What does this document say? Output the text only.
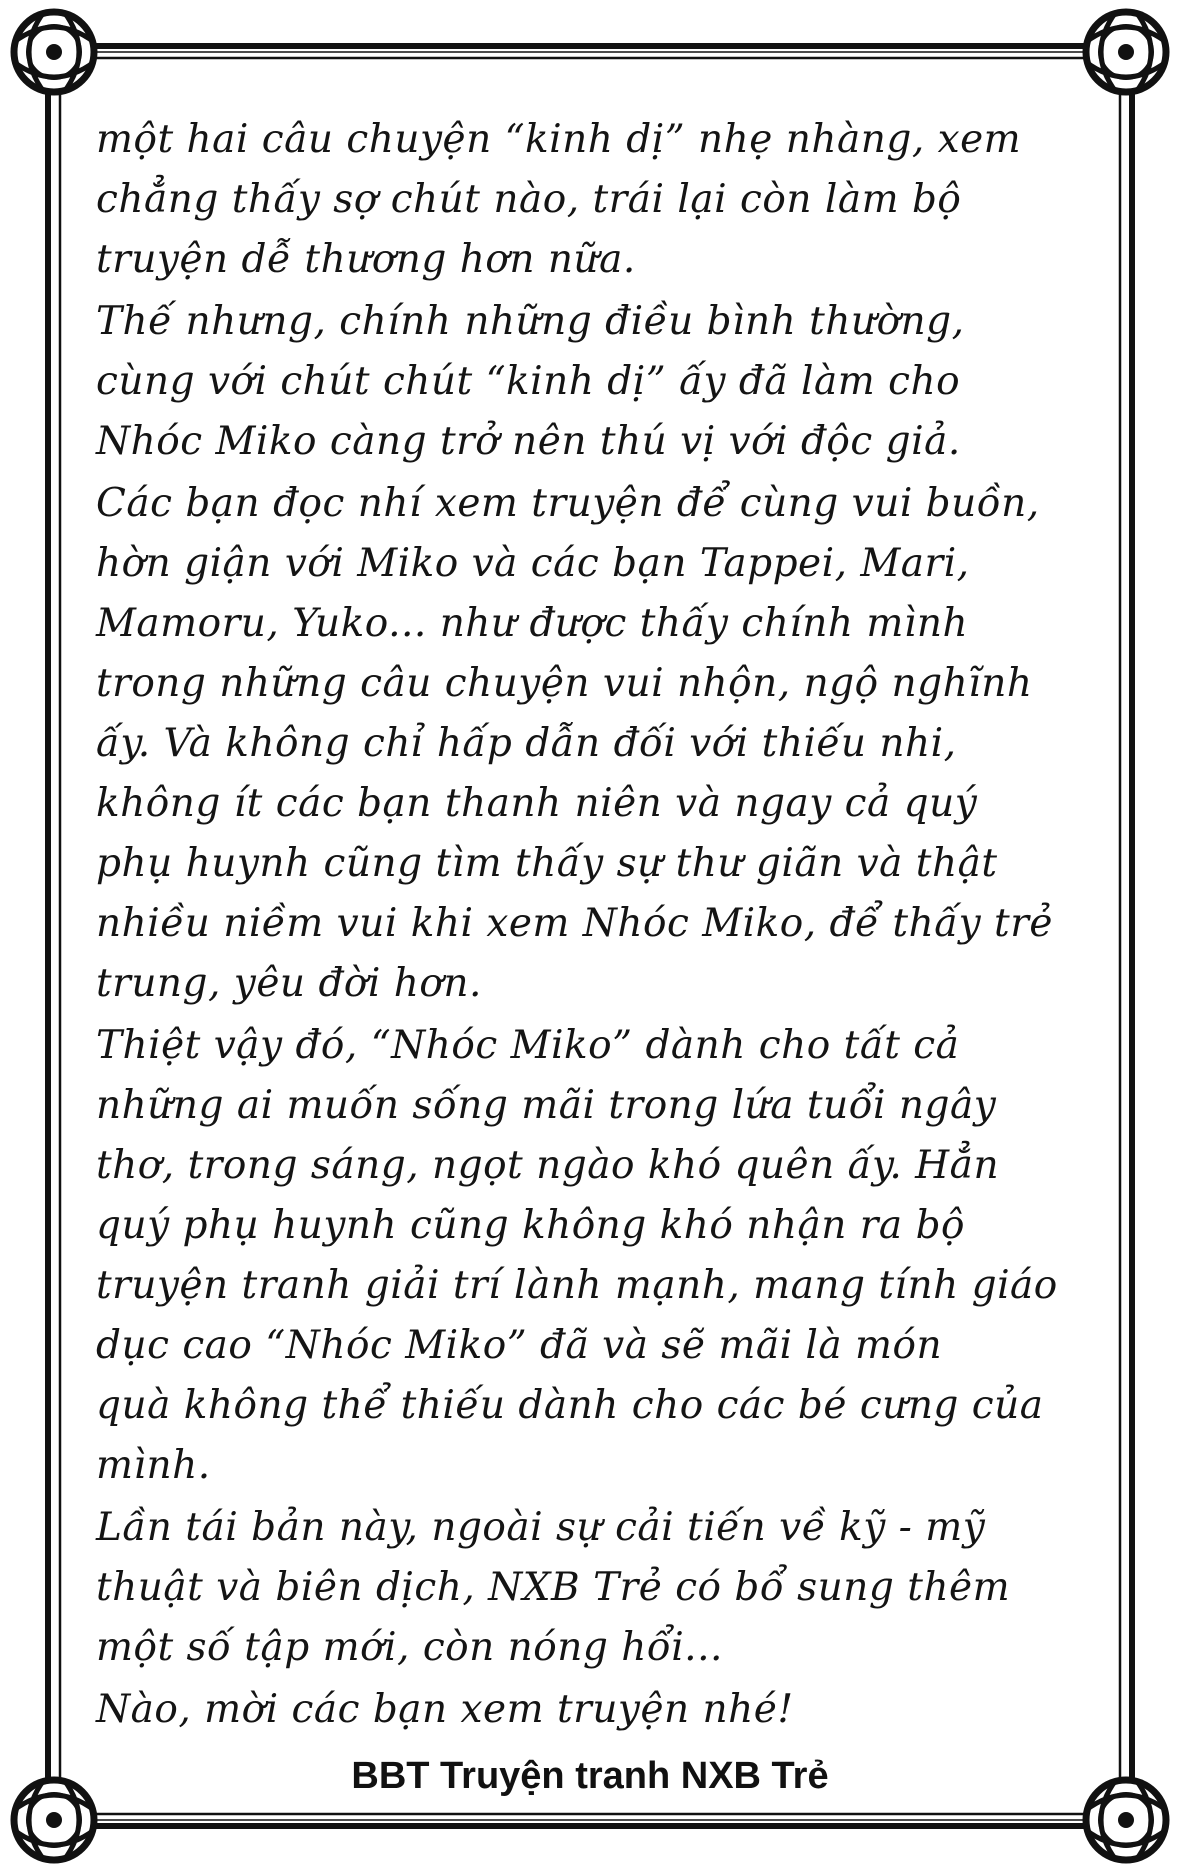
một hai câu chuyện “kinh dị” nhẹ nhàng, xem
chẳng thấy sợ chút nào, trái lại còn làm bộ
truyện dễ thương hơn nữa.

Thế nhưng, chính những điều bình thường,
cùng với chút chút “kinh dị” ấy đã làm cho
Nhóc Miko càng trở nên thú vị với độc giả.

Các bạn đọc nhí xem truyện để cùng vui buồn,
hờn giận với Miko và các bạn Tappei, Mari,
Mamoru, Yuko... như được thấy chính mình
trong những câu chuyện vui nhộn, ngộ nghĩnh
ấy. Và không chỉ hấp dẫn đối với thiếu nhi,
không ít các bạn thanh niên và ngay cả quý
phụ huynh cũng tìm thấy sự thư giãn và thật
nhiều niềm vui khi xem Nhóc Miko, để thấy trẻ
trung, yêu đời hơn.

Thiệt vậy đó, “Nhóc Miko” dành cho tất cả
những ai muốn sống mãi trong lứa tuổi ngây
thơ, trong sáng, ngọt ngào khó quên ấy. Hẳn
quý phụ huynh cũng không khó nhận ra bộ
truyện tranh giải trí lành mạnh, mang tính giáo
dục cao “Nhóc Miko” đã và sẽ mãi là món
quà không thể thiếu dành cho các bé cưng của
mình.

Lần tái bản này, ngoài sự cải tiến về kỹ - mỹ
thuật và biên dịch, NXB Trẻ có bổ sung thêm
một số tập mới, còn nóng hổi...

Nào, mời các bạn xem truyện nhé!

BBT Truyện tranh NXB Trẻ
